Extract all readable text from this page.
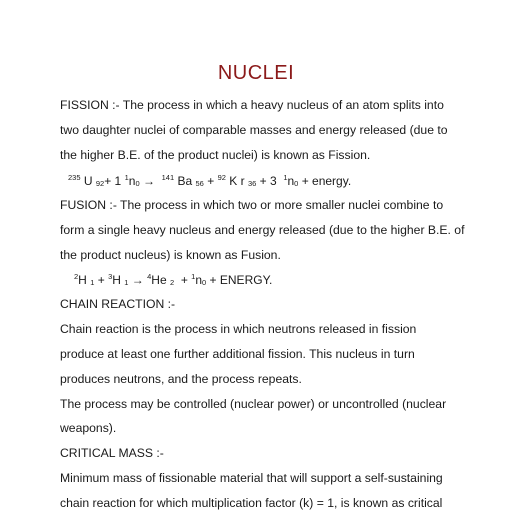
NUCLEI
FISSION :- The process in which a heavy nucleus of an atom splits into
two daughter nuclei of comparable masses and energy released (due to
the higher B.E. of the product nuclei) is known as Fission.
$^{235}$ U 92+ 1 $^1$n0 → $^{141}$ Ba 56 + $^{92}$ K r 36 + 3 $^1$n0 + energy.
FUSION :- The process in which two or more smaller nuclei combine to
form a single heavy nucleus and energy released (due to the higher B.E. of
the product nucleus) is known as Fusion.
$^2$H 1 + $^3$H 1 → $^4$He 2 + $^1$n0 + ENERGY.
CHAIN REACTION :-
Chain reaction is the process in which neutrons released in fission
produce at least one further additional fission. This nucleus in turn
produces neutrons, and the process repeats.
The process may be controlled (nuclear power) or uncontrolled (nuclear
weapons).
CRITICAL MASS :-
Minimum mass of fissionable material that will support a self-sustaining
chain reaction for which multiplication factor (k) = 1, is known as critical
